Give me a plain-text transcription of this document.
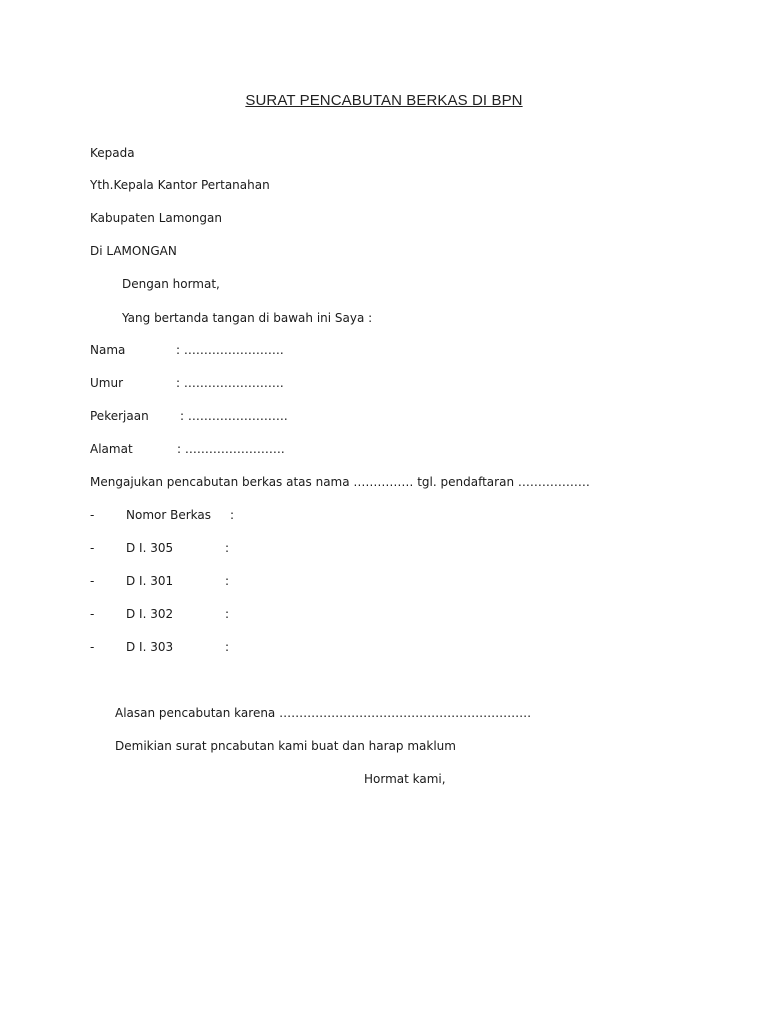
SURAT PENCABUTAN BERKAS DI BPN
Kepada
Yth.Kepala Kantor Pertanahan
Kabupaten Lamongan
Di LAMONGAN
Dengan hormat,
Yang bertanda tangan di bawah ini Saya :
Nama	: …………………….
Umur	: …………………….
Pekerjaan	: …………………….
Alamat	: …………………….
Mengajukan pencabutan berkas atas nama …………… tgl. pendaftaran ………………
-	Nomor Berkas :
-	D I. 305	:
-	D I. 301	:
-	D I. 302	:
-	D I. 303	:
Alasan pencabutan karena ………………………………………………………
Demikian surat pncabutan kami buat dan harap maklum
Hormat kami,
